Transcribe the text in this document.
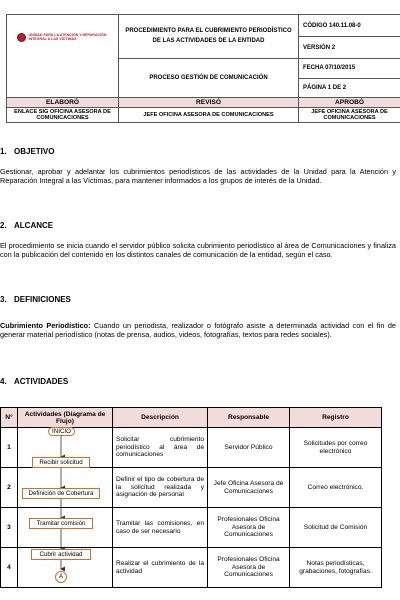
UNIDAD PARA LA ATENCIÓN Y REPARACIÓN INTEGRAL A LAS VÍCTIMAS	PROCEDIMIENTO PARA EL CUBRIMIENTO PERIODÍSTICO DE LAS ACTIVIDADES DE LA ENTIDAD	CÓDIGO 140.11.08-0
		VERSIÓN 2
	PROCESO GESTIÓN DE COMUNICACIÓN	FECHA 07/10/2015
		PÁGINA 1 DE 2
ELABORÓ	REVISÓ	APROBÓ
ENLACE SIG OFICINA ASESORA DE COMUNICACIONES	JEFE OFICINA ASESORA DE COMUNICACIONES	JEFE OFICINA ASESORA DE COMUNICACIONES
1. OBJETIVO

Gestionar, aprobar y adelantar los cubrimientos periodísticos de las actividades de la Unidad para la Atención y Reparación Integral a las Víctimas, para mantener informados a los grupos de interés de la Unidad.

2. ALCANCE

El procedimiento se inicia cuando el servidor público solicita cubrimiento periodístico al área de Comunicaciones y finaliza con la publicación del contenido en los distintos canales de comunicación de la entidad, según el caso.

3. DEFINICIONES

Cubrimiento Periodístico: Cuando un periodista, realizador o fotógrafo asiste a determinada actividad con el fin de generar material periodístico (notas de prensa, audios, videos, fotografías, textos para redes sociales).

4. ACTIVIDADES
N°	Actividades (Diagrama de Flujo)	Descripción	Responsable	Registro
1		Solicitar cubrimiento periodístico al área de comunicaciones	Servidor Público	Solicitudes por correo electrónico
2		Definir el tipo de cobertura de la solicitud realizada y asignación de personal	Jefe Oficina Asesora de Comunicaciones	Correo electrónico.
3		Tramitar las comisiones, en caso de ser necesario	Profesionales Oficina Asesora de Comunicaciones	Solicitud de Comisión
4		Realizar el cubrimiento de la actividad	Profesionales Oficina Asesora de Comunicaciones	Notas periodísticas, grabaciones, fotografías.
INICIO
Recibir solicitud
Definición de Cobertura
Tramitar comisión
Cubrir actividad
A
